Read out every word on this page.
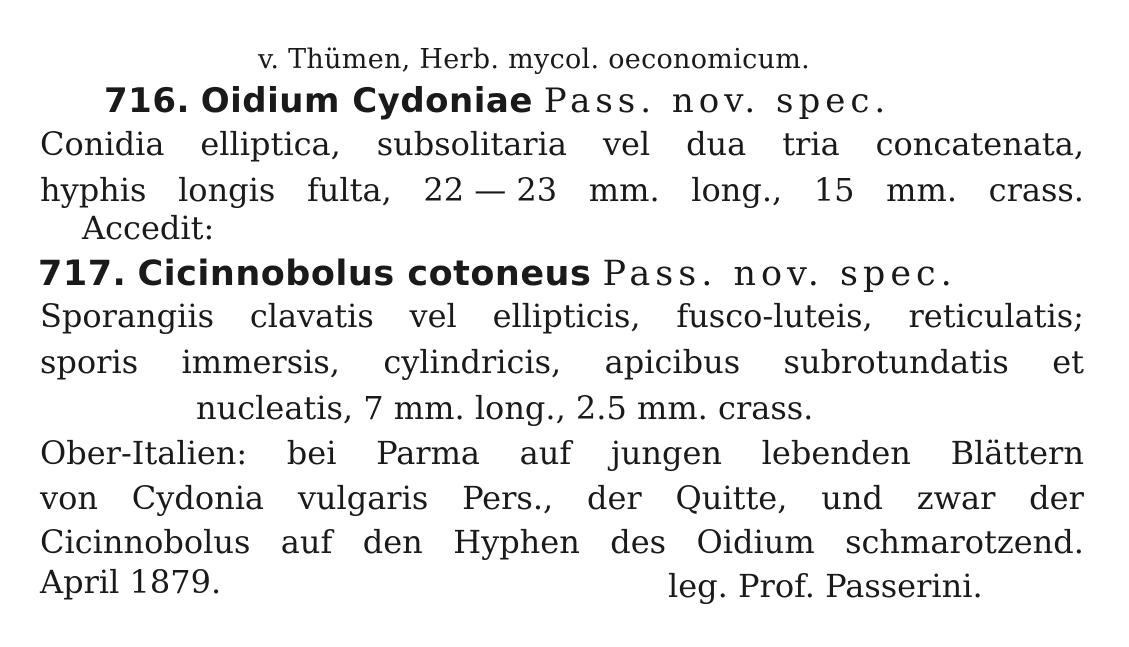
v. Thümen, Herb. mycol. oeconomicum.
716. Oidium Cydoniae Pass. nov. spec.
Conidia elliptica, subsolitaria vel dua tria concatenata,
hyphis longis fulta, 22 — 23 mm. long., 15 mm. crass.
Accedit:
717. Cicinnobolus cotoneus Pass. nov. spec.
Sporangiis clavatis vel ellipticis, fusco-luteis, reticulatis;
sporis immersis, cylindricis, apicibus subrotundatis et
nucleatis, 7 mm. long., 2.5 mm. crass.
Ober-Italien: bei Parma auf jungen lebenden Blättern
von Cydonia vulgaris Pers., der Quitte, und zwar der
Cicinnobolus auf den Hyphen des Oidium schmarotzend.
April 1879.	leg. Prof. Passerini.
